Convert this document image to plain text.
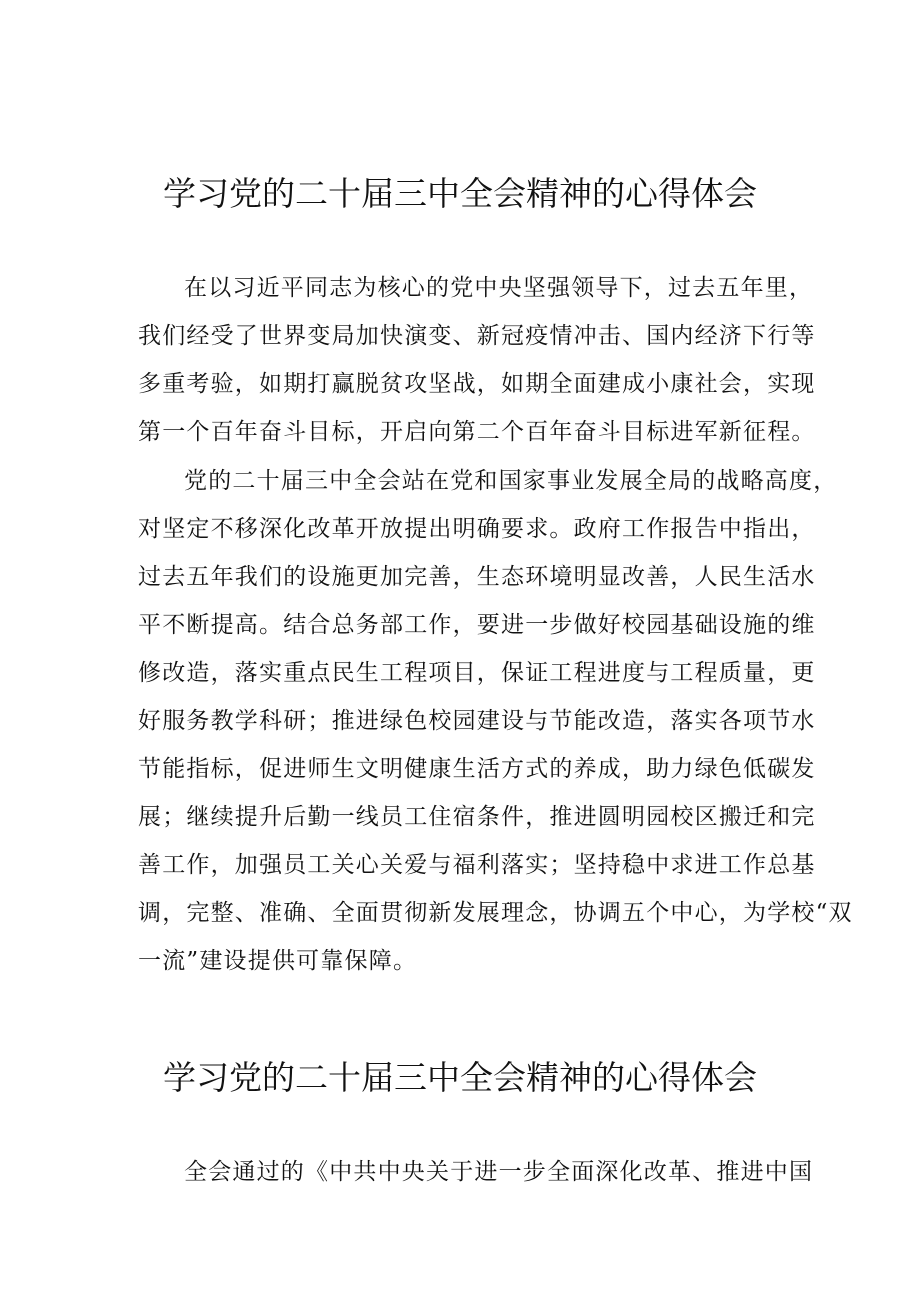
学习党的二十届三中全会精神的心得体会
在以习近平同志为核心的党中央坚强领导下，过去五年里，
我们经受了世界变局加快演变、新冠疫情冲击、国内经济下行等
多重考验，如期打赢脱贫攻坚战，如期全面建成小康社会，实现
第一个百年奋斗目标，开启向第二个百年奋斗目标进军新征程。
党的二十届三中全会站在党和国家事业发展全局的战略高度，
对坚定不移深化改革开放提出明确要求。政府工作报告中指出，
过去五年我们的设施更加完善，生态环境明显改善，人民生活水
平不断提高。结合总务部工作，要进一步做好校园基础设施的维
修改造，落实重点民生工程项目，保证工程进度与工程质量，更
好服务教学科研；推进绿色校园建设与节能改造，落实各项节水
节能指标，促进师生文明健康生活方式的养成，助力绿色低碳发
展；继续提升后勤一线员工住宿条件，推进圆明园校区搬迁和完
善工作，加强员工关心关爱与福利落实；坚持稳中求进工作总基
调，完整、准确、全面贯彻新发展理念，协调五个中心，为学校“双
一流”建设提供可靠保障。
学习党的二十届三中全会精神的心得体会
全会通过的《中共中央关于进一步全面深化改革、推进中国
